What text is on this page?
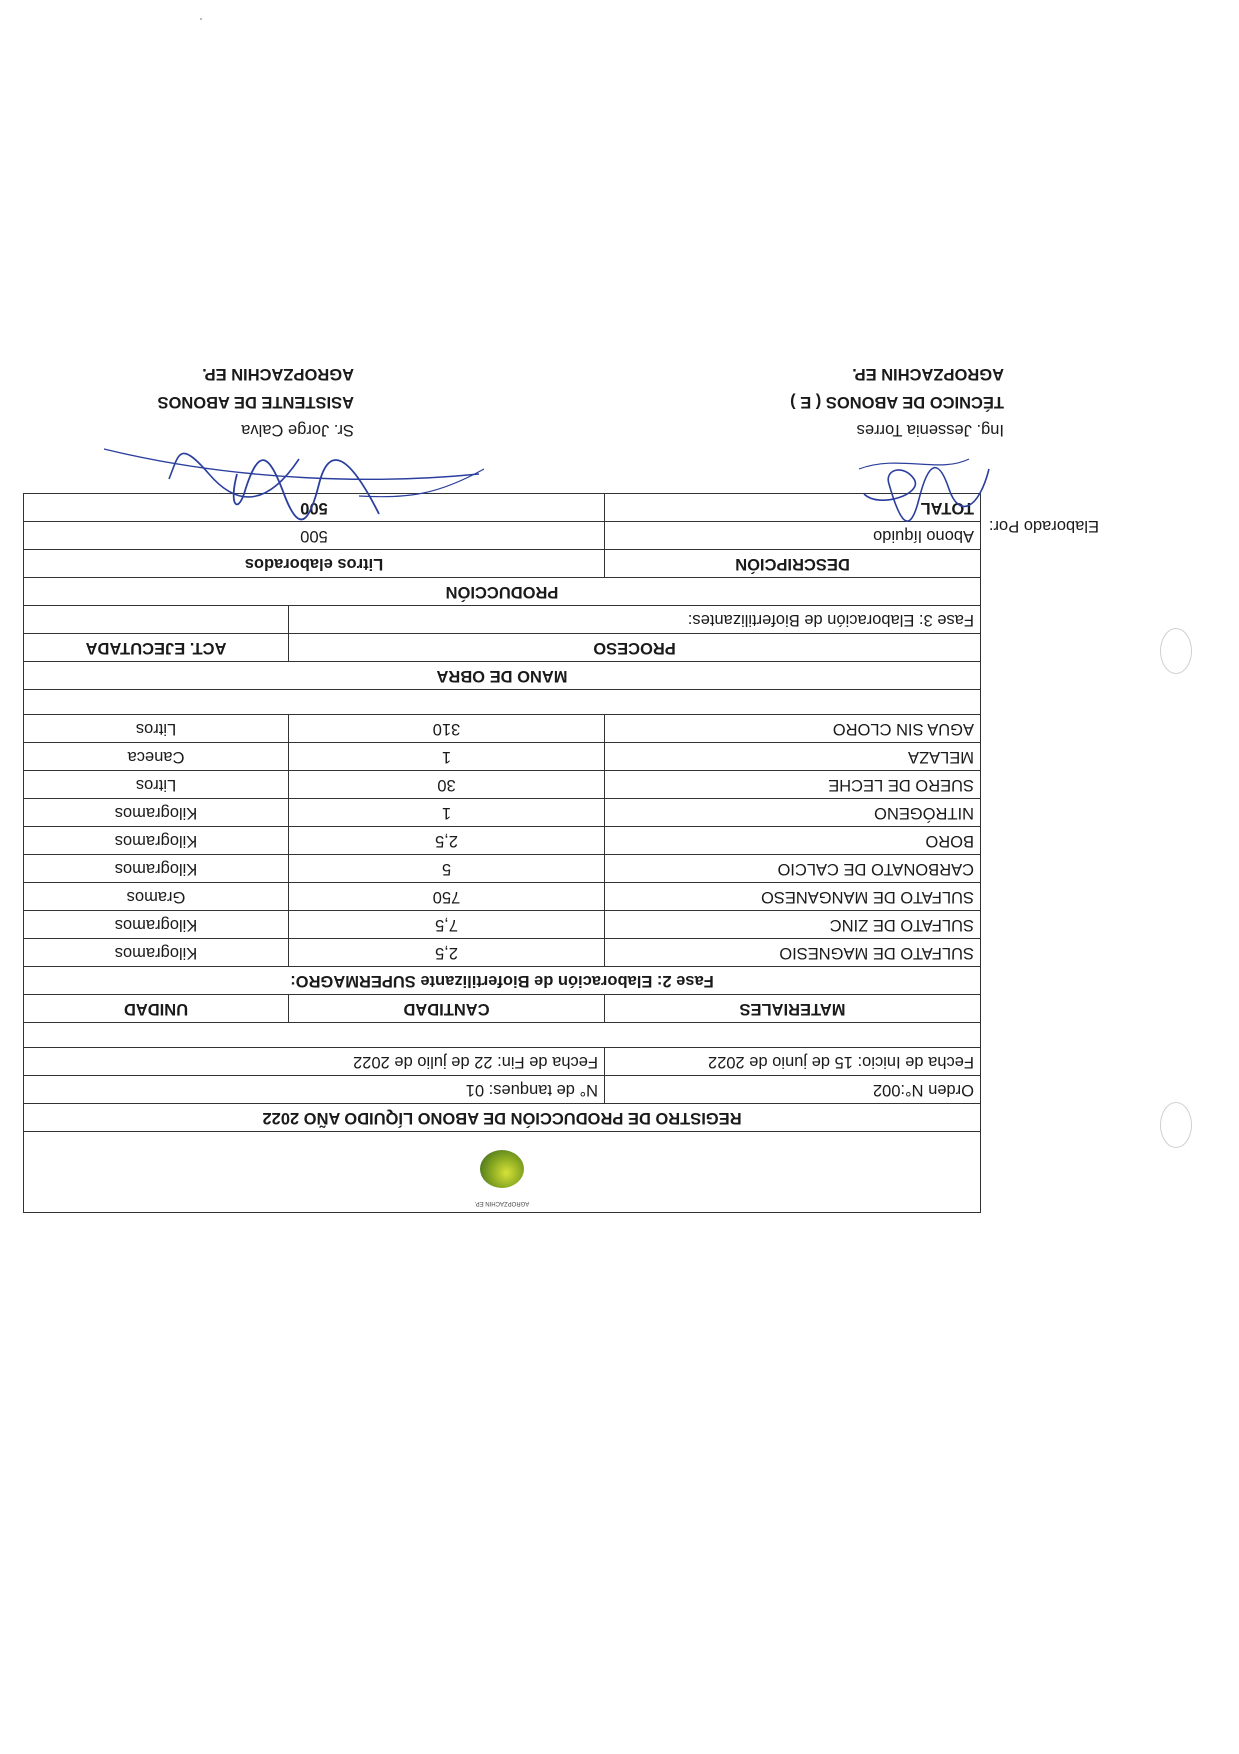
AGROPZACHIN EP.		

REGISTRO DE PRODUCCIÓN DE ABONO LÍQUIDO AÑO 2022		
Orden N°:002	N° de tanques: 01	
Fecha de Inicio: 15 de junio de 2022	Fecha de Fin: 22 de julio de 2022	

MATERIALES	CANTIDAD	UNIDAD
Fase 2: Elaboración de Biofertilizante SUPERMAGRO:		
SULFATO DE MAGNESIO	2,5	Kilogramos
SULFATO DE ZINC	7,5	Kilogramos
SULFATO DE MANGANESO	750	Gramos
CARBONATO DE CALCIO	5	Kilogramos
BORO	2,5	Kilogramos
NITRÓGENO	1	Kilogramos
SUERO DE LECHE	30	Litros
MELAZA	1	Caneca
AGUA SIN CLORO	310	Litros

MANO DE OBRA		
PROCESO		ACT. EJECUTADA
Fase 3: Elaboración de Biofertilizantes:		
PRODUCCIÓN		
DESCRIPCIÓN	Litros elaborados	
Abono líquido	500	
TOTAL	500	
Elaborado Por:
Ing. Jessenia Torres
TÉCNICO DE ABONOS ( E )
AGROPZACHIN EP.
Sr. Jorge Calva
ASISTENTE DE ABONOS
AGROPZACHIN EP.
